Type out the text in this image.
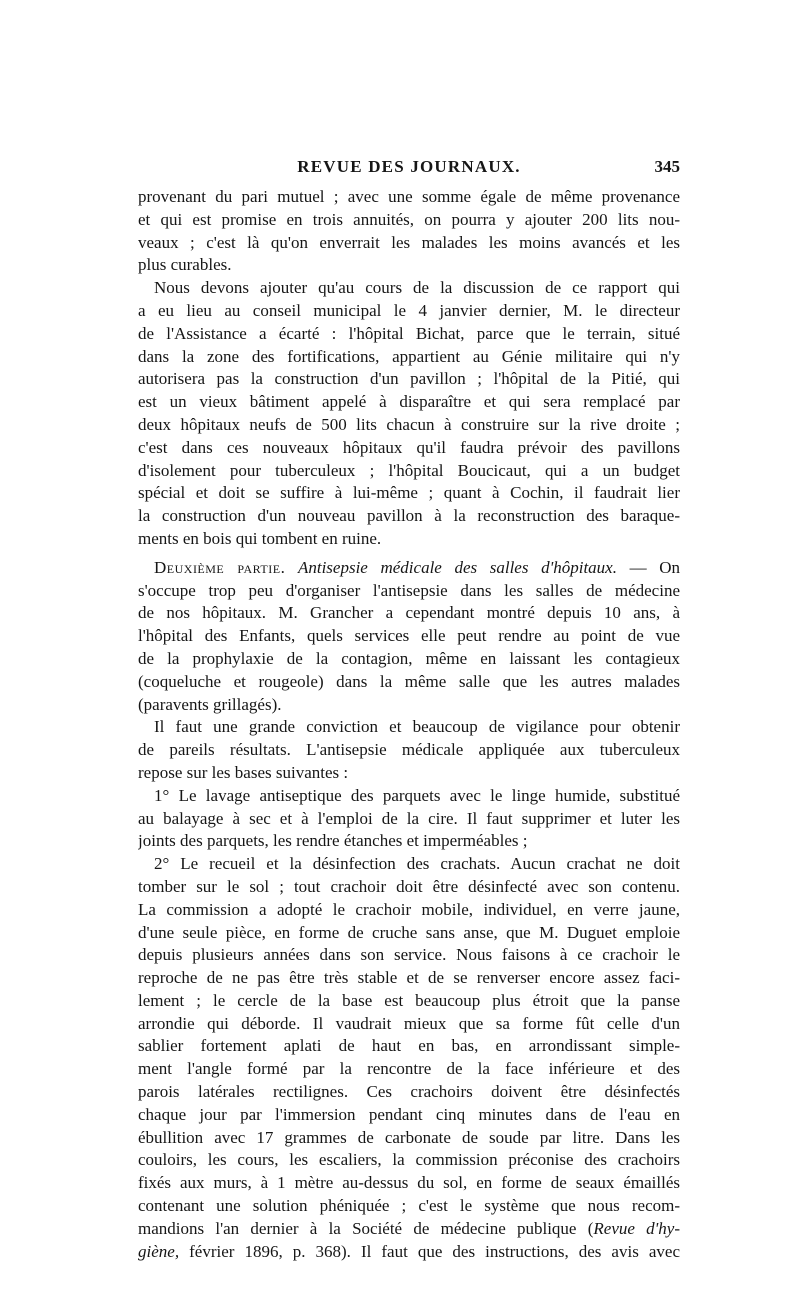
REVUE DES JOURNAUX.	345
provenant du pari mutuel ; avec une somme égale de même provenance
et qui est promise en trois annuités, on pourra y ajouter 200 lits nou-
veaux ; c'est là qu'on enverrait les malades les moins avancés et les
plus curables.
Nous devons ajouter qu'au cours de la discussion de ce rapport qui
a eu lieu au conseil municipal le 4 janvier dernier, M. le directeur
de l'Assistance a écarté : l'hôpital Bichat, parce que le terrain, situé
dans la zone des fortifications, appartient au Génie militaire qui n'y
autorisera pas la construction d'un pavillon ; l'hôpital de la Pitié, qui
est un vieux bâtiment appelé à disparaître et qui sera remplacé par
deux hôpitaux neufs de 500 lits chacun à construire sur la rive droite ;
c'est dans ces nouveaux hôpitaux qu'il faudra prévoir des pavillons
d'isolement pour tuberculeux ; l'hôpital Boucicaut, qui a un budget
spécial et doit se suffire à lui-même ; quant à Cochin, il faudrait lier
la construction d'un nouveau pavillon à la reconstruction des baraque-
ments en bois qui tombent en ruine.
Deuxième partie. Antisepsie médicale des salles d'hôpitaux. — On
s'occupe trop peu d'organiser l'antisepsie dans les salles de médecine
de nos hôpitaux. M. Grancher a cependant montré depuis 10 ans, à
l'hôpital des Enfants, quels services elle peut rendre au point de vue
de la prophylaxie de la contagion, même en laissant les contagieux
(coqueluche et rougeole) dans la même salle que les autres malades
(paravents grillagés).
Il faut une grande conviction et beaucoup de vigilance pour obtenir
de pareils résultats. L'antisepsie médicale appliquée aux tuberculeux
repose sur les bases suivantes :
1° Le lavage antiseptique des parquets avec le linge humide, substitué
au balayage à sec et à l'emploi de la cire. Il faut supprimer et luter les
joints des parquets, les rendre étanches et imperméables ;
2° Le recueil et la désinfection des crachats. Aucun crachat ne doit
tomber sur le sol ; tout crachoir doit être désinfecté avec son contenu.
La commission a adopté le crachoir mobile, individuel, en verre jaune,
d'une seule pièce, en forme de cruche sans anse, que M. Duguet emploie
depuis plusieurs années dans son service. Nous faisons à ce crachoir le
reproche de ne pas être très stable et de se renverser encore assez faci-
lement ; le cercle de la base est beaucoup plus étroit que la panse
arrondie qui déborde. Il vaudrait mieux que sa forme fût celle d'un
sablier fortement aplati de haut en bas, en arrondissant simple-
ment l'angle formé par la rencontre de la face inférieure et des
parois latérales rectilignes. Ces crachoirs doivent être désinfectés
chaque jour par l'immersion pendant cinq minutes dans de l'eau en
ébullition avec 17 grammes de carbonate de soude par litre. Dans les
couloirs, les cours, les escaliers, la commission préconise des crachoirs
fixés aux murs, à 1 mètre au-dessus du sol, en forme de seaux émaillés
contenant une solution phéniquée ; c'est le système que nous recom-
mandions l'an dernier à la Société de médecine publique (Revue d'hy-
giène, février 1896, p. 368). Il faut que des instructions, des avis avec
